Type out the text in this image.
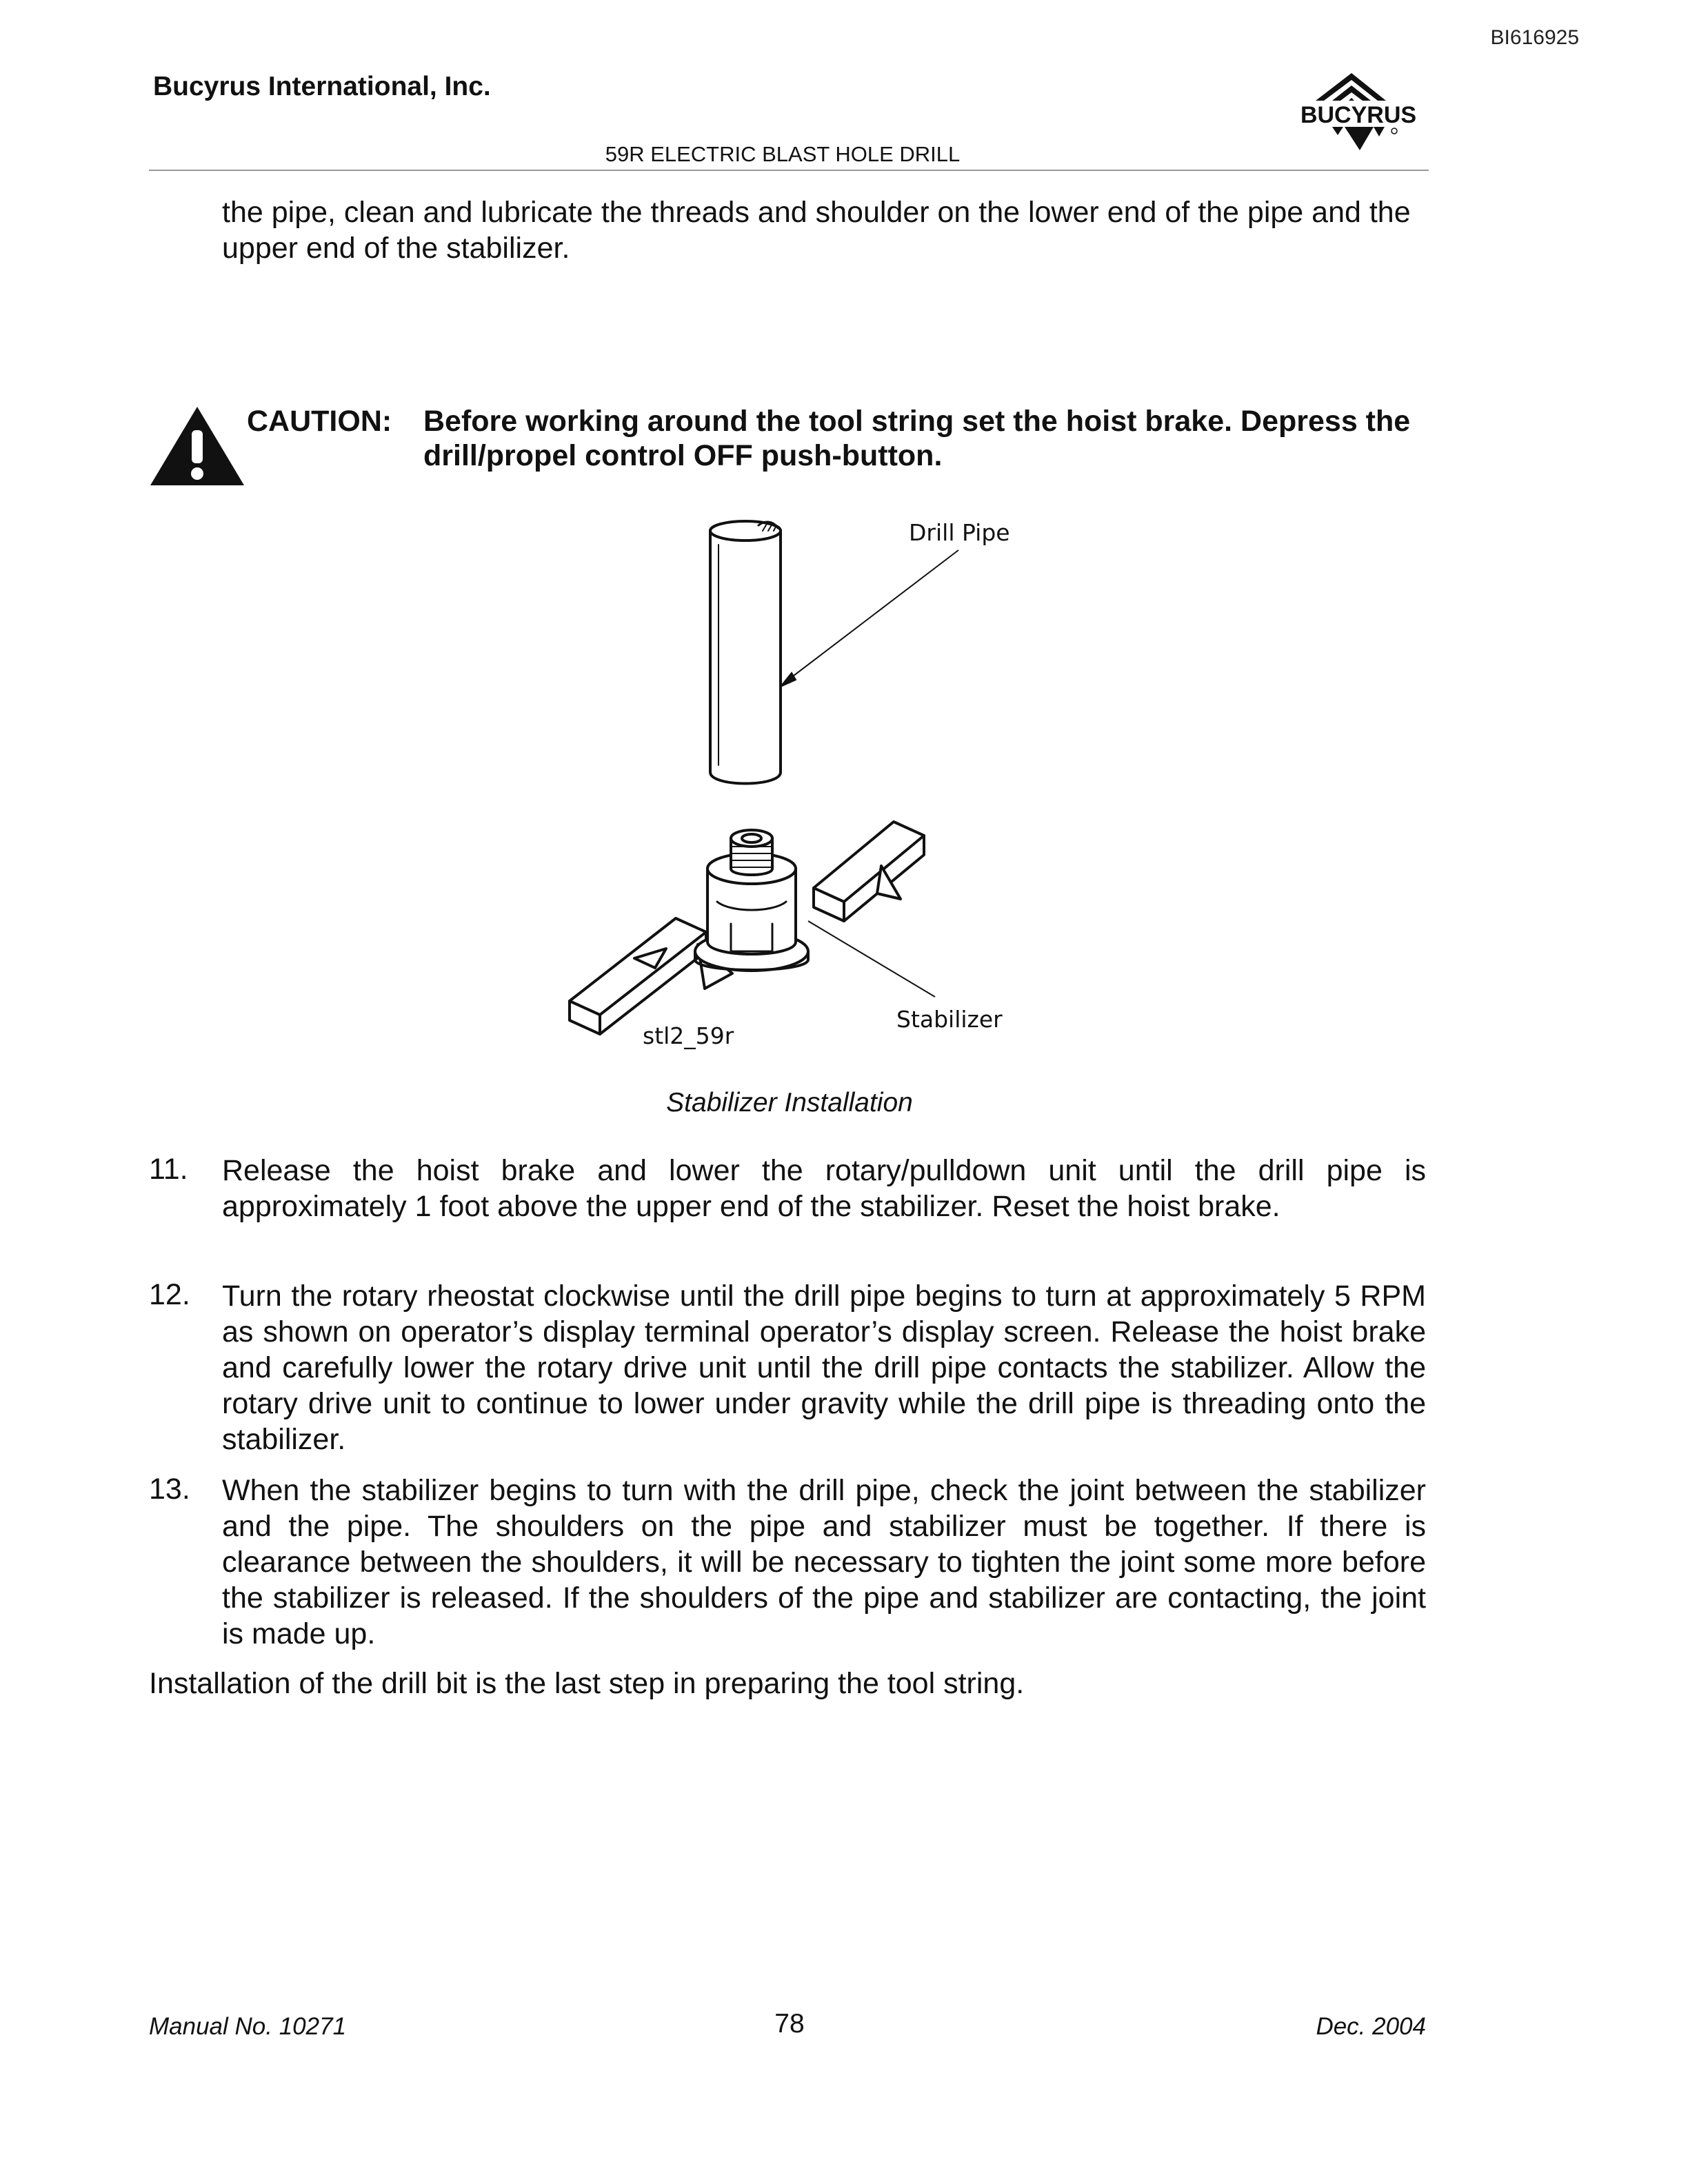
BI616925
Bucyrus International, Inc.
BUCYRUS
59R ELECTRIC BLAST HOLE DRILL
the pipe, clean and lubricate the threads and shoulder on the lower end of the pipe and the upper end of the stabilizer.
CAUTION: Before working around the tool string set the hoist brake. Depress the drill/propel control OFF push-button.
Drill Pipe
Stabilizer
stl2_59r
Stabilizer Installation
11. Release the hoist brake and lower the rotary/pulldown unit until the drill pipe is approximately 1 foot above the upper end of the stabilizer. Reset the hoist brake.
12. Turn the rotary rheostat clockwise until the drill pipe begins to turn at approximately 5 RPM as shown on operator’s display terminal operator’s display screen. Release the hoist brake and carefully lower the rotary drive unit until the drill pipe contacts the stabilizer. Allow the rotary drive unit to continue to lower under gravity while the drill pipe is threading onto the stabilizer.
13. When the stabilizer begins to turn with the drill pipe, check the joint between the stabilizer and the pipe. The shoulders on the pipe and stabilizer must be together. If there is clearance between the shoulders, it will be necessary to tighten the joint some more before the stabilizer is released. If the shoulders of the pipe and stabilizer are contacting, the joint is made up.
Installation of the drill bit is the last step in preparing the tool string.
Manual No. 10271	78	Dec. 2004
